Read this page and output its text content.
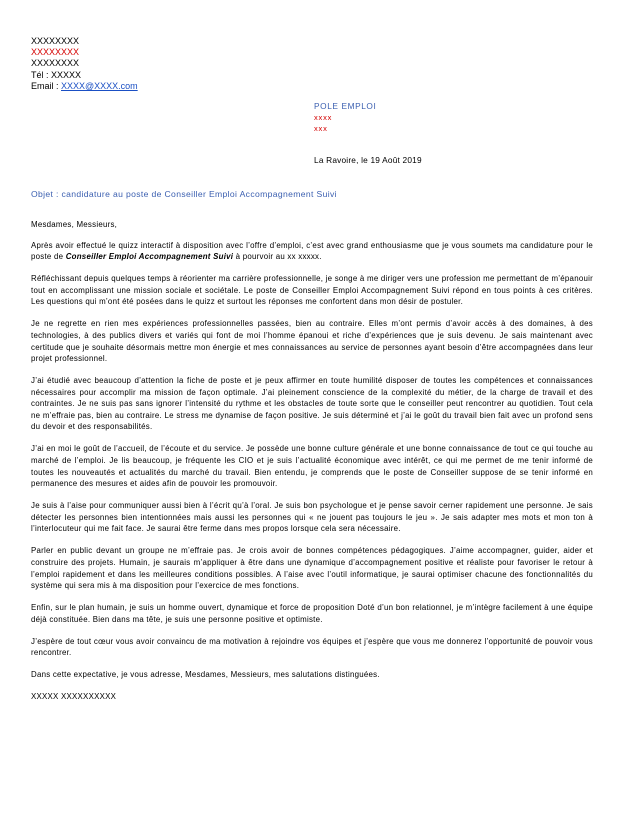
XXXXXXXX
XXXXXXXX
XXXXXXXX
Tél : XXXXX
Email : XXXX@XXXX.com
POLE EMPLOI
xxxx
xxx
La Ravoire, le 19 Août 2019
Objet : candidature au poste de Conseiller Emploi Accompagnement Suivi

Mesdames, Messieurs,

Après avoir effectué le quizz interactif à disposition avec l’offre d’emploi, c’est avec grand enthousiasme que je vous soumets ma candidature pour le poste de Conseiller Emploi Accompagnement Suivi à pourvoir au xx xxxxx.

Réfléchissant depuis quelques temps à réorienter ma carrière professionnelle, je songe à me diriger vers une profession me permettant de m’épanouir tout en accomplissant une mission sociale et sociétale. Le poste de Conseiller Emploi Accompagnement Suivi répond en tous points à ces critères. Les questions qui m’ont été posées dans le quizz et surtout les réponses me confortent dans mon désir de postuler.

Je ne regrette en rien mes expériences professionnelles passées, bien au contraire. Elles m’ont permis d’avoir accès à des domaines, à des technologies, à des publics divers et variés qui font de moi l’homme épanoui et riche d’expériences que je suis devenu. Je sais maintenant avec certitude que je souhaite désormais mettre mon énergie et mes connaissances au service de personnes ayant besoin d’être accompagnées dans leur projet professionnel.

J’ai étudié avec beaucoup d’attention la fiche de poste et je peux affirmer en toute humilité disposer de toutes les compétences et connaissances nécessaires pour accomplir ma mission de façon optimale. J’ai pleinement conscience de la complexité du métier, de la charge de travail et des contraintes. Je ne suis pas sans ignorer l’intensité du rythme et les obstacles de toute sorte que le conseiller peut rencontrer au quotidien. Tout cela ne m’effraie pas, bien au contraire. Le stress me dynamise de façon positive. Je suis déterminé et j’ai le goût du travail bien fait avec un profond sens du devoir et des responsabilités.

J’ai en moi le goût de l’accueil, de l’écoute et du service. Je possède une bonne culture générale et une bonne connaissance de tout ce qui touche au marché de l’emploi. Je lis beaucoup, je fréquente les CIO et je suis l’actualité économique avec intérêt, ce qui me permet de me tenir informé de toutes les nouveautés et actualités du marché du travail. Bien entendu, je comprends que le poste de Conseiller suppose de se tenir informé en permanence des mesures et aides afin de pouvoir les promouvoir.

Je suis à l’aise pour communiquer aussi bien à l’écrit qu’à l’oral. Je suis bon psychologue et je pense savoir cerner rapidement une personne. Je sais détecter les personnes bien intentionnées mais aussi les personnes qui « ne jouent pas toujours le jeu ». Je sais adapter mes mots et mon ton à l’interlocuteur qui me fait face. Je saurai être ferme dans mes propos lorsque cela sera nécessaire.

Parler en public devant un groupe ne m’effraie pas. Je crois avoir de bonnes compétences pédagogiques. J’aime accompagner, guider, aider et construire des projets. Humain, je saurais m’appliquer à être dans une dynamique d’accompagnement positive et réaliste pour favoriser le retour à l’emploi rapidement et dans les meilleures conditions possibles. A l’aise avec l’outil informatique, je saurai optimiser chacune des fonctionnalités du système qui sera mis à ma disposition pour l’exercice de mes fonctions.

Enfin, sur le plan humain, je suis un homme ouvert, dynamique et force de proposition Doté d’un bon relationnel, je m’intègre facilement à une équipe déjà constituée. Bien dans ma tête, je suis une personne positive et optimiste.

J’espère de tout cœur vous avoir convaincu de ma motivation à rejoindre vos équipes et j’espère que vous me donnerez l’opportunité de pouvoir vous rencontrer.

Dans cette expectative, je vous adresse, Mesdames, Messieurs, mes salutations distinguées.

XXXXX XXXXXXXXXX
